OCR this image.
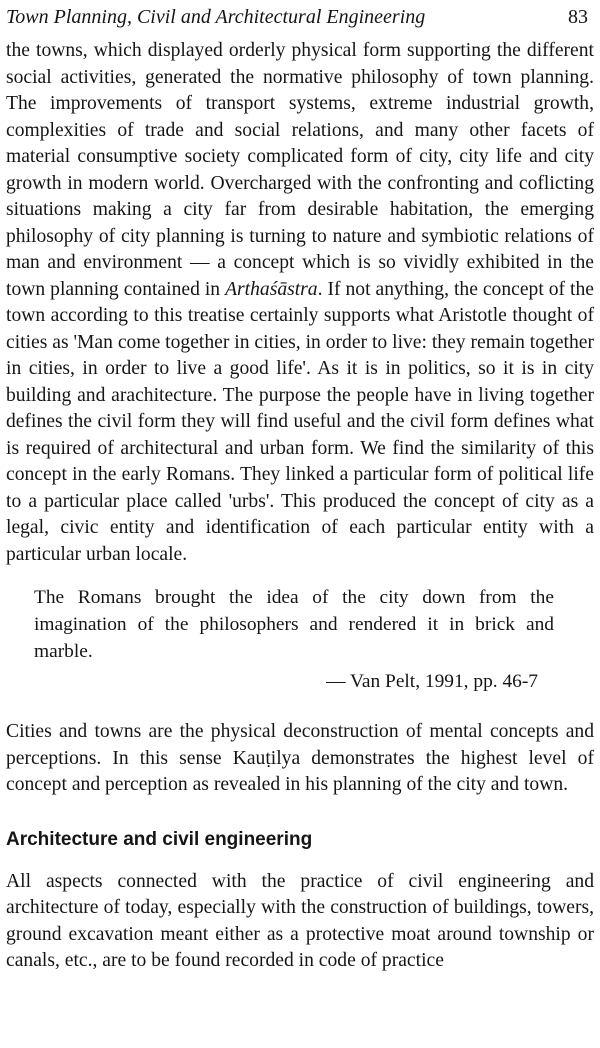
Town Planning, Civil and Architectural Engineering	83

the towns, which displayed orderly physical form supporting the different social activities, generated the normative philosophy of town planning. The improvements of transport systems, extreme industrial growth, complexities of trade and social relations, and many other facets of material consumptive society complicated form of city, city life and city growth in modern world. Overcharged with the confronting and coflicting situations making a city far from desirable habitation, the emerging philosophy of city planning is turning to nature and symbiotic relations of man and environment — a concept which is so vividly exhibited in the town planning contained in Arthaśāstra. If not anything, the concept of the town according to this treatise certainly supports what Aristotle thought of cities as 'Man come together in cities, in order to live: they remain together in cities, in order to live a good life'. As it is in politics, so it is in city building and arachitecture. The purpose the people have in living together defines the civil form they will find useful and the civil form defines what is required of architectural and urban form. We find the similarity of this concept in the early Romans. They linked a particular form of political life to a particular place called 'urbs'. This produced the concept of city as a legal, civic entity and identification of each particular entity with a particular urban locale.

The Romans brought the idea of the city down from the imagination of the philosophers and rendered it in brick and marble.

— Van Pelt, 1991, pp. 46-7

Cities and towns are the physical deconstruction of mental concepts and perceptions. In this sense Kauṭilya demonstrates the highest level of concept and perception as revealed in his planning of the city and town.

Architecture and civil engineering

All aspects connected with the practice of civil engineering and architecture of today, especially with the construction of buildings, towers, ground excavation meant either as a protective moat around township or canals, etc., are to be found recorded in code of practice
